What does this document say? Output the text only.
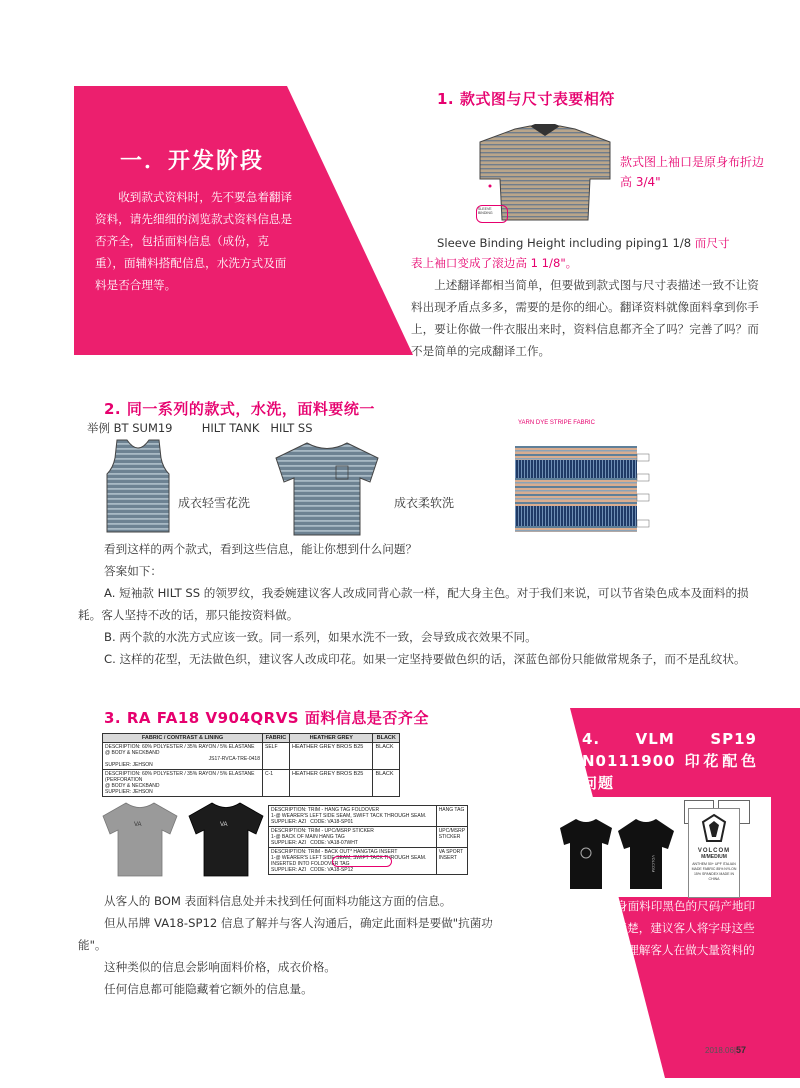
一．开发阶段
收到款式资料时，先不要急着翻译资料，请先细细的浏览款式资料信息是否齐全，包括面料信息（成份，克重），面辅料搭配信息，水洗方式及面料是否合理等。
1. 款式图与尺寸表要相符
SLEEVE BINDING
款式图上袖口是原身布折边高 3/4"
Sleeve Binding Height including piping1 1/8 而尺寸
表上袖口变成了滚边高 1 1/8"。
上述翻译都相当简单，但要做到款式图与尺寸表描述一致不让资料出现矛盾点多多，需要的是你的细心。翻译资料就像面料拿到你手上，要让你做一件衣服出来时，资料信息都齐全了吗？完善了吗？而不是简单的完成翻译工作。
2. 同一系列的款式，水洗，面料要统一
举例 BT SUM19        HILT TANK   HILT SS
成衣轻雪花洗	成衣柔软洗
YARN DYE STRIPE FABRIC
看到这样的两个款式，看到这些信息，能让你想到什么问题？
答案如下：
A. 短袖款 HILT SS 的领罗纹，我委婉建议客人改成同背心款一样，配大身主色。对于我们来说，可以节省染色成本及面料的损耗。客人坚持不改的话，那只能按资料做。
B. 两个款的水洗方式应该一致。同一系列，如果水洗不一致，会导致成衣效果不同。
C. 这样的花型，无法做色织，建议客人改成印花。如果一定坚持要做色织的话，深蓝色部份只能做常规条子，而不是乱纹状。
3. RA FA18 V904QRVS 面料信息是否齐全
FABRIC / CONTRAST & LINING	FABRIC	HEATHER GREY	BLACK

DESCRIPTION: 60% POLYESTER / 35% RAYON / 5% ELASTANE
@ BODY & NECKBAND
JS17-RVCA-TRE-0418
SUPPLIER: JEHSON	SELF	HEATHER GREY BROS B25	BLACK

DESCRIPTION: 60% POLYESTER / 35% RAYON / 5% ELASTANE (PERFORATION
@ BODY & NECKBAND
SUPPLIER: JEHSON	C-1	HEATHER GREY BROS B25	BLACK
VA	VA
DESCRIPTION: TRIM - HANG TAG FOLDOVER
1-@ WEARER'S LEFT SIDE SEAM, SWIFT TACK THROUGH SEAM.
SUPPLIER: AZI CODE: VA18-SP01	HANG TAG

DESCRIPTION: TRIM - UPC/MSRP STICKER
1-@ BACK OF MAIN HANG TAG
SUPPLIER: AZI CODE: VA18-07WHT	UPC/MSRP STICKER

DESCRIPTION: TRIM - BACK OUT* HANGTAG INSERT
1-@ WEARER'S LEFT SIDE SEAM, SWIFT TACK THROUGH SEAM. INSERTED INTO FOLDOVER TAG
SUPPLIER: AZI CODE: VA18-SP12	VA SPORT INSERT
从客人的 BOM 表面料信息处并未找到任何面料功能这方面的信息。
但从吊牌 VA18-SP12 信息了解并与客人沟通后，确定此面料是要做"抗菌功能"。
这种类似的信息会影响面料价格，成衣价格。
任何信息都可能隐藏着它额外的信息量。
4. VLM SP19 N0111900 印花配色问题
VOLCOM
VOLCOM
M/MEDIUM
ANTHEM 50+ UPF ITALIAN MADE FABRIC 85% NYLON 15% SPANDEX MADE IN CHINA
黑色底的大身面料印黑色的尺码产地印花，这成份和产地无法看清楚，建议客人将字母这些内容全都改成白色，同时要理解客人在做大量资料的时候没有那么面面俱到。
2018.06|57
